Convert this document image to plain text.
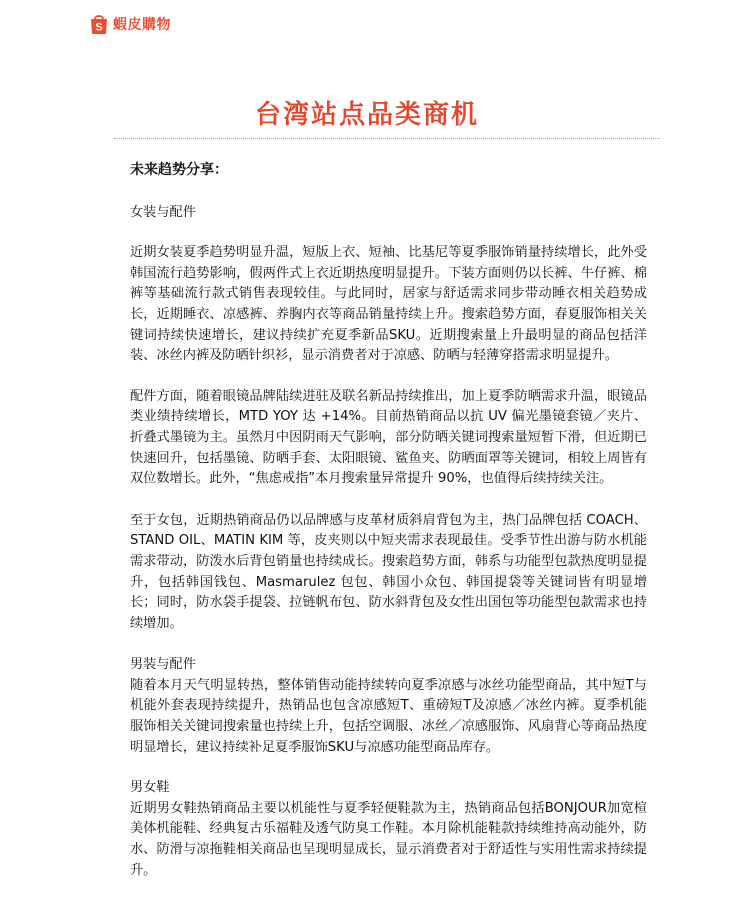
S 蝦皮購物
台湾站点品类商机

未来趋势分享：

女装与配件

近期女装夏季趋势明显升温，短版上衣、短袖、比基尼等夏季服饰销量持续增长，此外受韩国流行趋势影响，假两件式上衣近期热度明显提升。下装方面则仍以长裤、牛仔裤、棉裤等基础流行款式销售表现较佳。与此同时，居家与舒适需求同步带动睡衣相关趋势成长，近期睡衣、凉感裤、养胸内衣等商品销量持续上升。搜索趋势方面，春夏服饰相关关键词持续快速增长，建议持续扩充夏季新品SKU。近期搜索量上升最明显的商品包括洋装、冰丝内裤及防晒针织衫，显示消费者对于凉感、防晒与轻薄穿搭需求明显提升。

配件方面，随着眼镜品牌陆续进驻及联名新品持续推出，加上夏季防晒需求升温，眼镜品类业绩持续增长，MTD YOY 达 +14%。目前热销商品以抗 UV 偏光墨镜套镜／夹片、折叠式墨镜为主。虽然月中因阴雨天气影响，部分防晒关键词搜索量短暂下滑，但近期已快速回升，包括墨镜、防晒手套、太阳眼镜、鲨鱼夹、防晒面罩等关键词，相较上周皆有双位数增长。此外，“焦虑戒指”本月搜索量异常提升 90%，也值得后续持续关注。

至于女包，近期热销商品仍以品牌感与皮革材质斜肩背包为主，热门品牌包括 COACH、STAND OIL、MATIN KIM 等，皮夹则以中短夹需求表现最佳。受季节性出游与防水机能需求带动，防泼水后背包销量也持续成长。搜索趋势方面，韩系与功能型包款热度明显提升，包括韩国钱包、Masmarulez 包包、韩国小众包、韩国提袋等关键词皆有明显增长；同时，防水袋手提袋、拉链帆布包、防水斜背包及女性出国包等功能型包款需求也持续增加。

男装与配件

随着本月天气明显转热，整体销售动能持续转向夏季凉感与冰丝功能型商品，其中短T与机能外套表现持续提升，热销品也包含凉感短T、重磅短T及凉感／冰丝内裤。夏季机能服饰相关关键词搜索量也持续上升，包括空调服、冰丝／凉感服饰、风扇背心等商品热度明显增长，建议持续补足夏季服饰SKU与凉感功能型商品库存。

男女鞋

近期男女鞋热销商品主要以机能性与夏季轻便鞋款为主，热销商品包括BONJOUR加宽楦美体机能鞋、经典复古乐福鞋及透气防臭工作鞋。本月除机能鞋款持续维持高动能外，防水、防滑与凉拖鞋相关商品也呈现明显成长，显示消费者对于舒适性与实用性需求持续提升。
